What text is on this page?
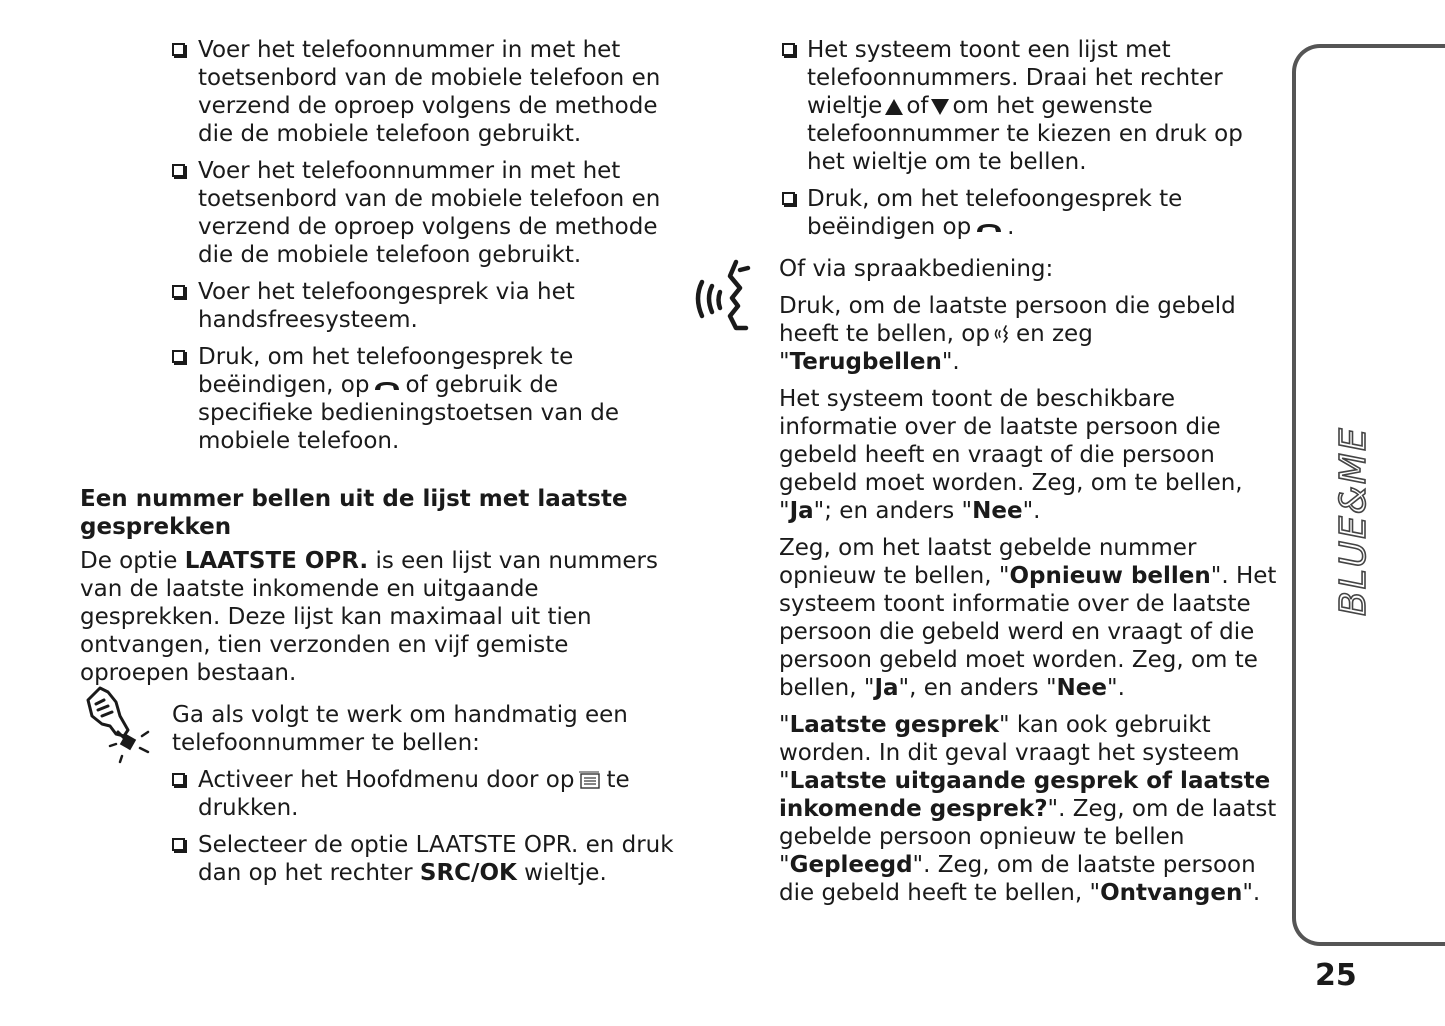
Voer het telefoonnummer in met het toetsenbord van de mobiele telefoon en verzend de oproep volgens de methode die de mobiele telefoon gebruikt.
Voer het telefoonnummer in met het toetsenbord van de mobiele telefoon en verzend de oproep volgens de methode die de mobiele telefoon gebruikt.
Voer het telefoongesprek via het handsfreesysteem.
Druk, om het telefoongesprek te beëindigen, op of gebruik de specifieke bedieningstoetsen van de mobiele telefoon.
Een nummer bellen uit de lijst met laatste gesprekken

De optie LAATSTE OPR. is een lijst van nummers van de laatste inkomende en uitgaande gesprekken. Deze lijst kan maximaal uit tien ontvangen, tien verzonden en vijf gemiste oproepen bestaan.

Ga als volgt te werk om handmatig een telefoonnummer te bellen:

Activeer het Hoofdmenu door op te drukken.
Selecteer de optie LAATSTE OPR. en druk dan op het rechter SRC/OK wieltje.
Het systeem toont een lijst met telefoonnummers. Draai het rechter wieltje of om het gewenste telefoonnummer te kiezen en druk op het wieltje om te bellen.
Druk, om het telefoongesprek te beëindigen op .

Of via spraakbediening:

Druk, om de laatste persoon die gebeld heeft te bellen, op en zeg "Terugbellen".

Het systeem toont de beschikbare informatie over de laatste persoon die gebeld heeft en vraagt of die persoon gebeld moet worden. Zeg, om te bellen, "Ja"; en anders "Nee".

Zeg, om het laatst gebelde nummer opnieuw te bellen, "Opnieuw bellen". Het systeem toont informatie over de laatste persoon die gebeld werd en vraagt of die persoon gebeld moet worden. Zeg, om te bellen, "Ja", en anders "Nee".

"Laatste gesprek" kan ook gebruikt worden. In dit geval vraagt het systeem "Laatste uitgaande gesprek of laatste inkomende gesprek?". Zeg, om de laatst gebelde persoon opnieuw te bellen "Gepleegd". Zeg, om de laatste persoon die gebeld heeft te bellen, "Ontvangen".

BLUE&ME
25
